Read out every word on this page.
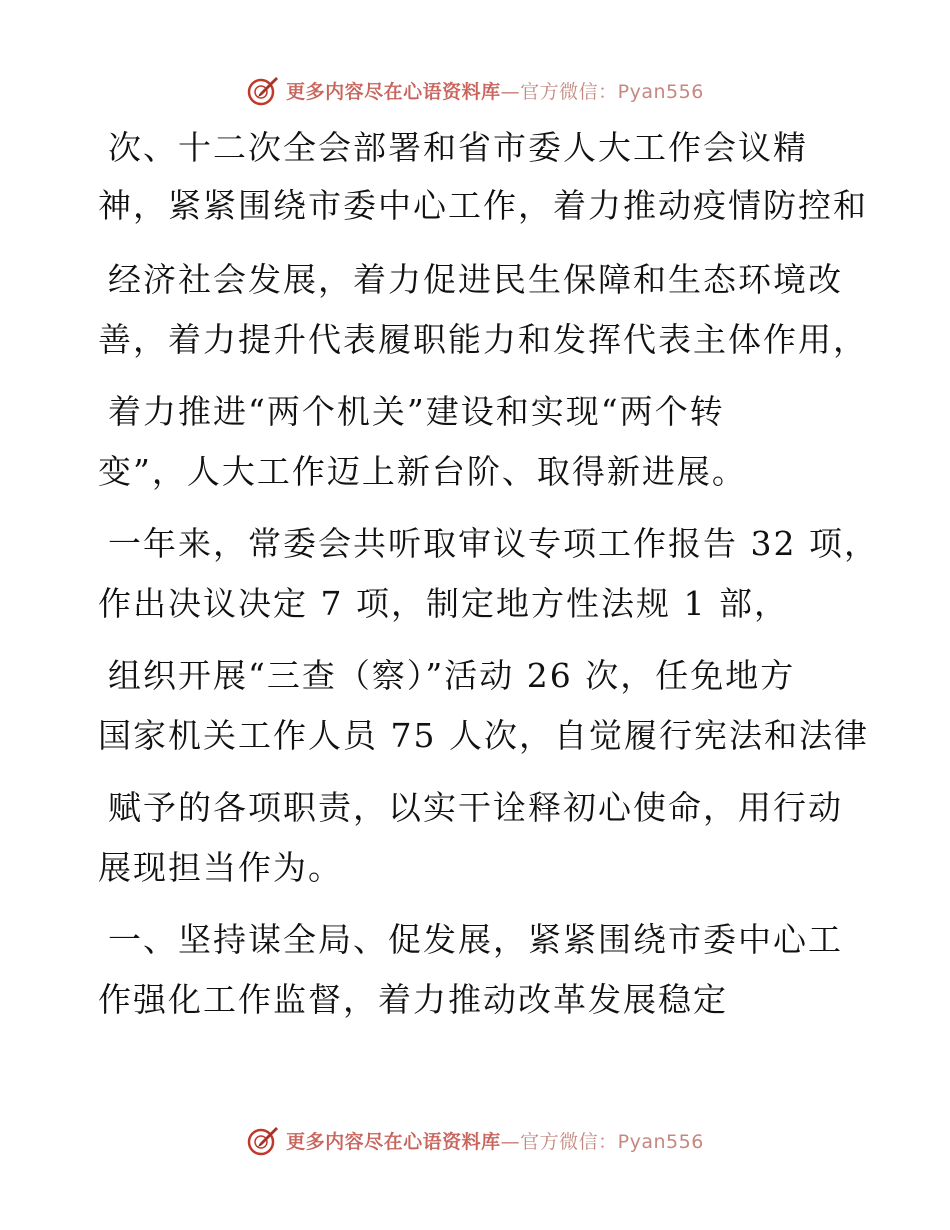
更多内容尽在心语资料库—官方微信：Pyan556
次、十二次全会部署和省市委人大工作会议精
神，紧紧围绕市委中心工作，着力推动疫情防控和
经济社会发展，着力促进民生保障和生态环境改
善，着力提升代表履职能力和发挥代表主体作用，
着力推进“两个机关”建设和实现“两个转
变”，人大工作迈上新台阶、取得新进展。
一年来，常委会共听取审议专项工作报告 32 项，
作出决议决定 7 项，制定地方性法规 1 部，
组织开展“三查（察）”活动 26 次，任免地方
国家机关工作人员 75 人次，自觉履行宪法和法律
赋予的各项职责，以实干诠释初心使命，用行动
展现担当作为。
一、坚持谋全局、促发展，紧紧围绕市委中心工
作强化工作监督，着力推动改革发展稳定
更多内容尽在心语资料库—官方微信：Pyan556
